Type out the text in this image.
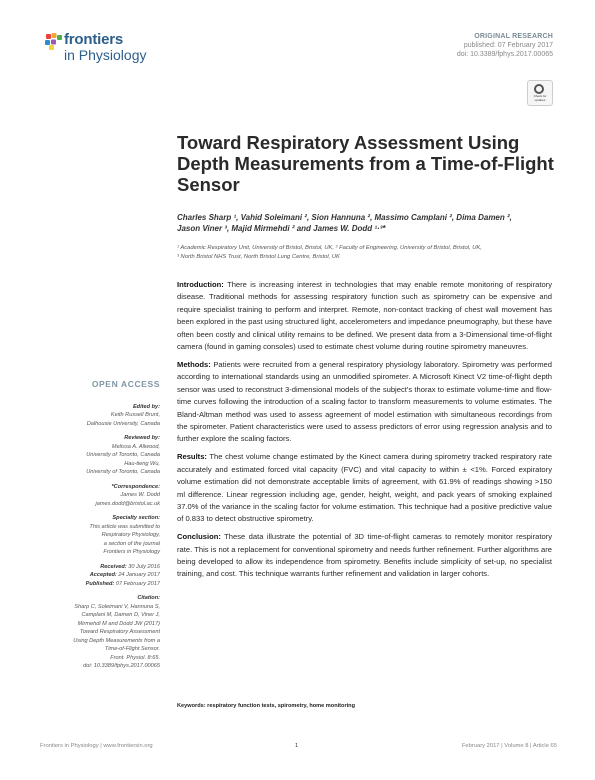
frontiers
in Physiology
ORIGINAL RESEARCH
published: 07 February 2017
doi: 10.3389/fphys.2017.00065
Check for updates
Toward Respiratory Assessment Using Depth Measurements from a Time-of-Flight Sensor
Charles Sharp ¹, Vahid Soleimani ², Sion Hannuna ², Massimo Camplani ², Dima Damen ²,
Jason Viner ³, Majid Mirmehdi ² and James W. Dodd ¹·³*
¹ Academic Respiratory Unit, University of Bristol, Bristol, UK, ² Faculty of Engineering, University of Bristol, Bristol, UK,
³ North Bristol NHS Trust, North Bristol Lung Centre, Bristol, UK

Introduction: There is increasing interest in technologies that may enable remote monitoring of respiratory disease. Traditional methods for assessing respiratory function such as spirometry can be expensive and require specialist training to perform and interpret. Remote, non-contact tracking of chest wall movement has been explored in the past using structured light, accelerometers and impedance pneumography, but these have often been costly and clinical utility remains to be defined. We present data from a 3-Dimensional time-of-flight camera (found in gaming consoles) used to estimate chest volume during routine spirometry maneuvres.

Methods: Patients were recruited from a general respiratory physiology laboratory. Spirometry was performed according to international standards using an unmodified spirometer. A Microsoft Kinect V2 time-of-flight depth sensor was used to reconstruct 3-dimensional models of the subject's thorax to estimate volume-time and flow-time curves following the introduction of a scaling factor to transform measurements to volume estimates. The Bland-Altman method was used to assess agreement of model estimation with simultaneous recordings from the spirometer. Patient characteristics were used to assess predictors of error using regression analysis and to further explore the scaling factors.

Results: The chest volume change estimated by the Kinect camera during spirometry tracked respiratory rate accurately and estimated forced vital capacity (FVC) and vital capacity to within ± <1%. Forced expiratory volume estimation did not demonstrate acceptable limits of agreement, with 61.9% of readings showing >150 ml difference. Linear regression including age, gender, height, weight, and pack years of smoking explained 37.0% of the variance in the scaling factor for volume estimation. This technique had a positive predictive value of 0.833 to detect obstructive spirometry.

Conclusion: These data illustrate the potential of 3D time-of-flight cameras to remotely monitor respiratory rate. This is not a replacement for conventional spirometry and needs further refinement. Further algorithms are being developed to allow its independence from spirometry. Benefits include simplicity of set-up, no specialist training, and cost. This technique warrants further refinement and validation in larger cohorts.

Keywords: respiratory function tests, spirometry, home monitoring
OPEN ACCESS
Edited by:
Keith Russell Brunt,
Dalhousie University, Canada
Reviewed by:
Melissa A. Allwood,
University of Toronto, Canada
Hau-tieng Wu,
University of Toronto, Canada
*Correspondence:
James W. Dodd
james.dodd@bristol.ac.uk
Specialty section:
This article was submitted to
Respiratory Physiology,
a section of the journal
Frontiers in Physiology
Received: 30 July 2016
Accepted: 24 January 2017
Published: 07 February 2017
Citation:
Sharp C, Soleimani V, Hannuna S,
Camplani M, Damen D, Viner J,
Mirmehdi M and Dodd JW (2017)
Toward Respiratory Assessment
Using Depth Measurements from a
Time-of-Flight Sensor.
Front. Physiol. 8:65.
doi: 10.3389/fphys.2017.00065
Frontiers in Physiology | www.frontiersin.org	1	February 2017 | Volume 8 | Article 65
